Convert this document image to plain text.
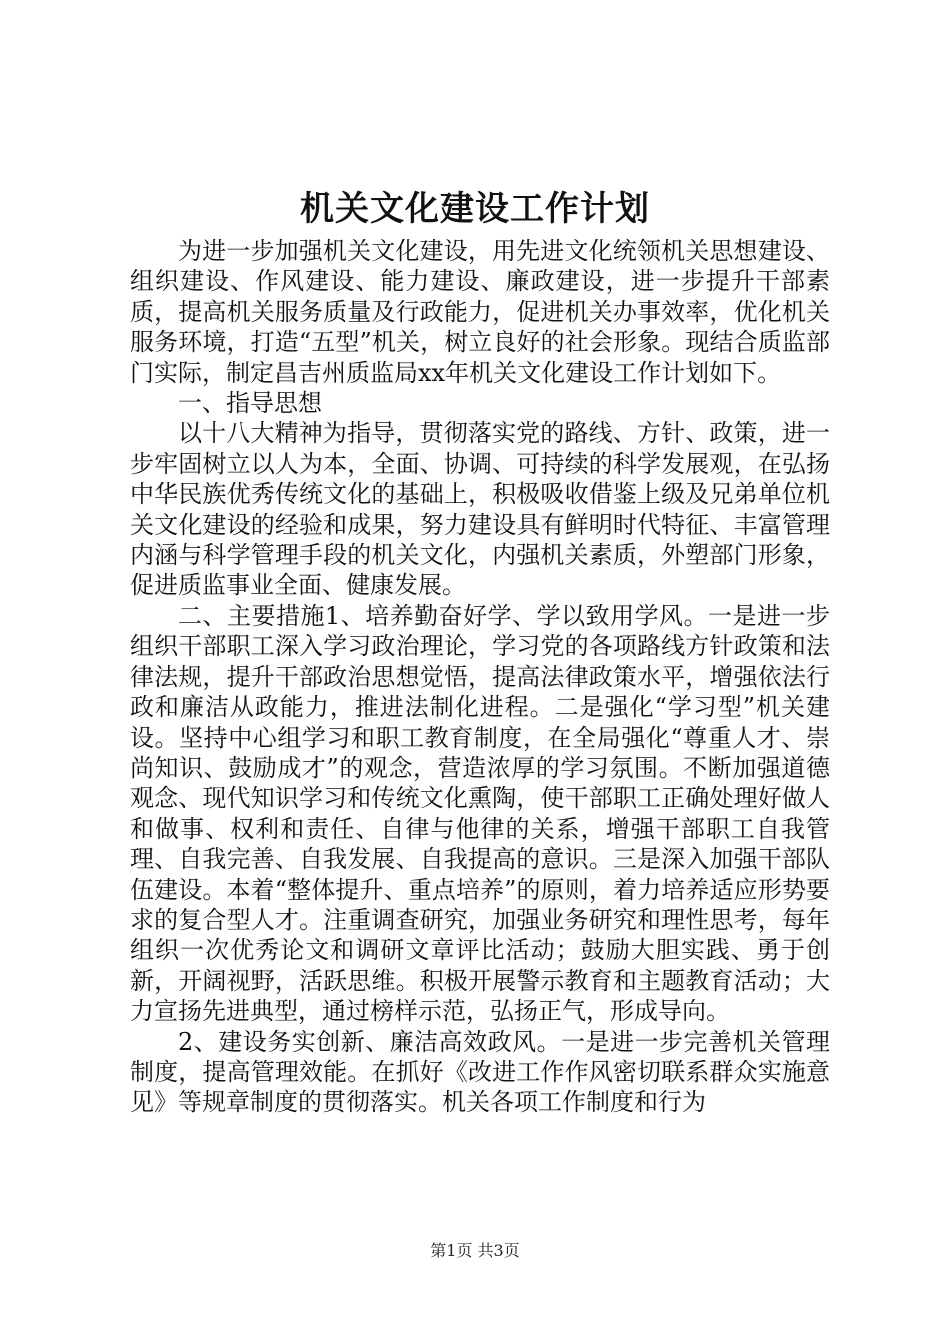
机关文化建设工作计划

为进一步加强机关文化建设，用先进文化统领机关思想建设、组织建设、作风建设、能力建设、廉政建设，进一步提升干部素质，提高机关服务质量及行政能力，促进机关办事效率，优化机关服务环境，打造“五型”机关，树立良好的社会形象。现结合质监部门实际，制定昌吉州质监局xx年机关文化建设工作计划如下。

一、指导思想

以十八大精神为指导，贯彻落实党的路线、方针、政策，进一步牢固树立以人为本，全面、协调、可持续的科学发展观，在弘扬中华民族优秀传统文化的基础上，积极吸收借鉴上级及兄弟单位机关文化建设的经验和成果，努力建设具有鲜明时代特征、丰富管理内涵与科学管理手段的机关文化，内强机关素质，外塑部门形象，促进质监事业全面、健康发展。

二、主要措施1、培养勤奋好学、学以致用学风。一是进一步组织干部职工深入学习政治理论，学习党的各项路线方针政策和法律法规，提升干部政治思想觉悟，提高法律政策水平，增强依法行政和廉洁从政能力，推进法制化进程。二是强化“学习型”机关建设。坚持中心组学习和职工教育制度，在全局强化“尊重人才、崇尚知识、鼓励成才”的观念，营造浓厚的学习氛围。不断加强道德观念、现代知识学习和传统文化熏陶，使干部职工正确处理好做人和做事、权利和责任、自律与他律的关系，增强干部职工自我管理、自我完善、自我发展、自我提高的意识。三是深入加强干部队伍建设。本着“整体提升、重点培养”的原则，着力培养适应形势要求的复合型人才。注重调查研究，加强业务研究和理性思考，每年组织一次优秀论文和调研文章评比活动；鼓励大胆实践、勇于创新，开阔视野，活跃思维。积极开展警示教育和主题教育活动；大力宣扬先进典型，通过榜样示范，弘扬正气，形成导向。

2、建设务实创新、廉洁高效政风。一是进一步完善机关管理制度，提高管理效能。在抓好《改进工作作风密切联系群众实施意见》等规章制度的贯彻落实。机关各项工作制度和行为

第1页 共3页
